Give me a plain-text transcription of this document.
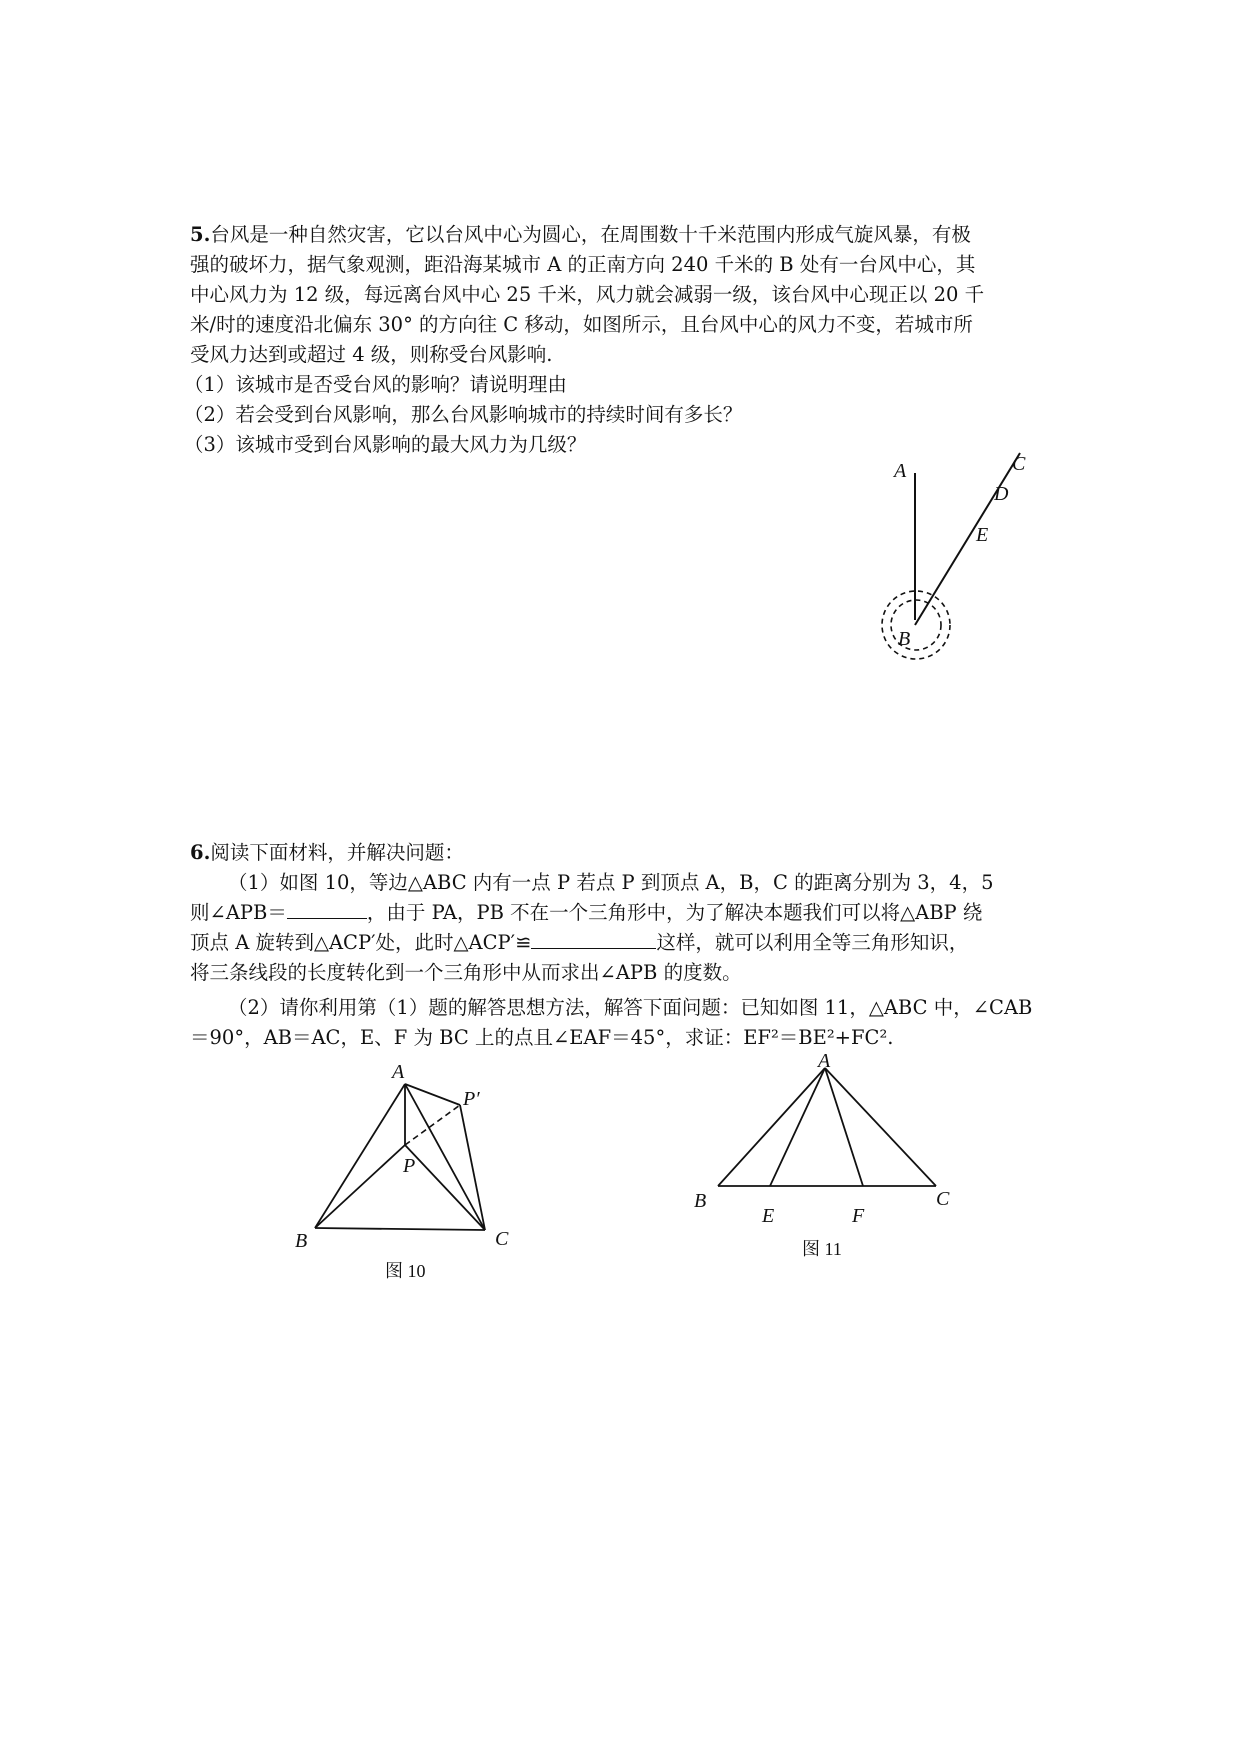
5.台风是一种自然灾害，它以台风中心为圆心，在周围数十千米范围内形成气旋风暴，有极
强的破坏力，据气象观测，距沿海某城市 A 的正南方向 240 千米的 B 处有一台风中心，其
中心风力为 12 级，每远离台风中心 25 千米，风力就会减弱一级，该台风中心现正以 20 千
米/时的速度沿北偏东 30° 的方向往 C 移动，如图所示，且台风中心的风力不变，若城市所
受风力达到或超过 4 级，则称受台风影响.
（1）该城市是否受台风的影响？请说明理由
（2）若会受到台风影响，那么台风影响城市的持续时间有多长？
（3）该城市受到台风影响的最大风力为几级？
A
B
D
E
C
6.阅读下面材料，并解决问题：
（1）如图 10，等边△ABC 内有一点 P 若点 P 到顶点 A，B，C 的距离分别为 3，4，5
则∠APB＝	，由于 PA，PB 不在一个三角形中，为了解决本题我们可以将△ABP 绕
顶点 A 旋转到△ACP′处，此时△ACP′≌	这样，就可以利用全等三角形知识，
将三条线段的长度转化到一个三角形中从而求出∠APB 的度数。
（2）请你利用第（1）题的解答思想方法，解答下面问题：已知如图 11，△ABC 中，∠CAB
＝90°，AB＝AC，E、F 为 BC 上的点且∠EAF＝45°，求证：EF²＝BE²+FC².
A
P′
P
B	C
图 10
A
B	C
E	F
图 11
